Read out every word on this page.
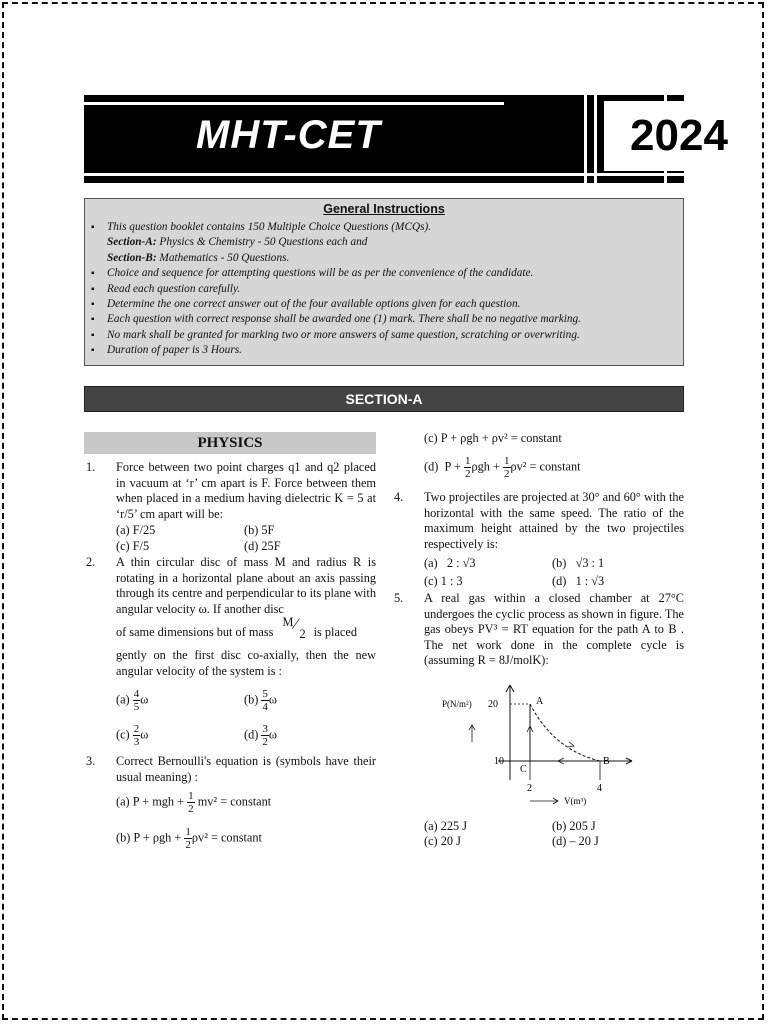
MHT-CET	2024
General Instructions
▪ This question booklet contains 150 Multiple Choice Questions (MCQs).
Section-A: Physics & Chemistry - 50 Questions each and
Section-B: Mathematics - 50 Questions.
▪ Choice and sequence for attempting questions will be as per the convenience of the candidate.
▪ Read each question carefully.
▪ Determine the one correct answer out of the four available options given for each question.
▪ Each question with correct response shall be awarded one (1) mark. There shall be no negative marking.
▪ No mark shall be granted for marking two or more answers of same question, scratching or overwriting.
▪ Duration of paper is 3 Hours.
SECTION-A
PHYSICS
1. Force between two point charges q1 and q2 placed in vacuum at ‘r’ cm apart is F. Force between them when placed in a medium having dielectric K = 5 at ‘r/5’ cm apart will be:
(a) F/25	(b) 5F
(c) F/5	(d) 25F
2. A thin circular disc of mass M and radius R is rotating in a horizontal plane about an axis passing through its centre and perpendicular to its plane with angular velocity ω. If another disc
of same dimensions but of mass
M ⁄
2 is placed
gently on the first disc co-axially, then the new angular velocity of the system is :
$(a) \frac{4}{5}$ ω	$(b) \frac{5}{4}$ ω
$(c) \frac{2}{3}$ ω	$(d) \frac{3}{2}$ ω
3. Correct Bernoulli's equation is (symbols have their usual meaning) :
(a) P + mgh + $\frac{1}{2} mv^2$ = constant
(b) $P + \rho gh + \frac{1}{2} \rho v^2$ = constant
(c) P + ρgh + ρv² = constant
(d)  $P + \frac{1}{2}$ $\rho gh + \frac{1}{2} \rho v^2$ = constant
4. Two projectiles are projected at 30° and 60° with the horizontal with the same speed. The ratio of the maximum height attained by the two projectiles respectively is:
(a) 2 : √3	(b) √3 : 1
(c) 1 : 3	(d) 1 : √3
5. A real gas within a closed chamber at 27°C undergoes the cyclic process as shown in figure. The gas obeys PV³ = RT equation for the path A to B . The net work done in the complete cycle is (assuming R = 8J/molK):
P(N/m²) 20
10
2	4
A
B
C
V(m³)
(a) 225 J	(b) 205 J
(c) 20 J	(d) – 20 J
